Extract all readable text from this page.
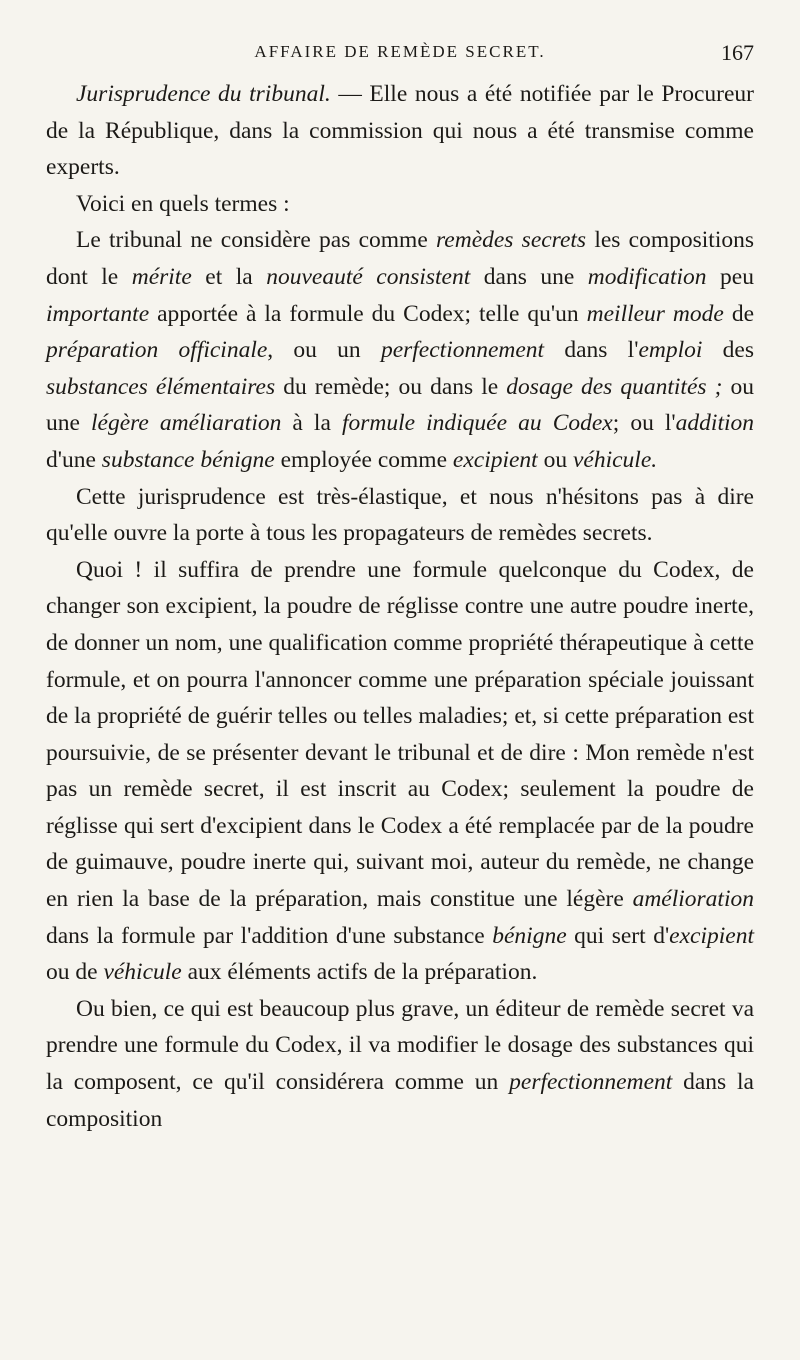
AFFAIRE DE REMÈDE SECRET.	167

Jurisprudence du tribunal. — Elle nous a été notifiée par le Procureur de la République, dans la commission qui nous a été transmise comme experts.

Voici en quels termes :

Le tribunal ne considère pas comme remèdes secrets les compositions dont le mérite et la nouveauté consistent dans une modification peu importante apportée à la formule du Codex; telle qu'un meilleur mode de préparation officinale, ou un perfectionnement dans l'emploi des substances élémentaires du remède; ou dans le dosage des quantités ; ou une légère améliaration à la formule indiquée au Codex; ou l'addition d'une substance bénigne employée comme excipient ou véhicule.

Cette jurisprudence est très-élastique, et nous n'hésitons pas à dire qu'elle ouvre la porte à tous les propagateurs de remèdes secrets.

Quoi ! il suffira de prendre une formule quelconque du Codex, de changer son excipient, la poudre de réglisse contre une autre poudre inerte, de donner un nom, une qualification comme propriété thérapeutique à cette formule, et on pourra l'annoncer comme une préparation spéciale jouissant de la propriété de guérir telles ou telles maladies; et, si cette préparation est poursuivie, de se présenter devant le tribunal et de dire : Mon remède n'est pas un remède secret, il est inscrit au Codex; seulement la poudre de réglisse qui sert d'excipient dans le Codex a été remplacée par de la poudre de guimauve, poudre inerte qui, suivant moi, auteur du remède, ne change en rien la base de la préparation, mais constitue une légère amélioration dans la formule par l'addition d'une substance bénigne qui sert d'excipient ou de véhicule aux éléments actifs de la préparation.

Ou bien, ce qui est beaucoup plus grave, un éditeur de remède secret va prendre une formule du Codex, il va modifier le dosage des substances qui la composent, ce qu'il considérera comme un perfectionnement dans la composition
